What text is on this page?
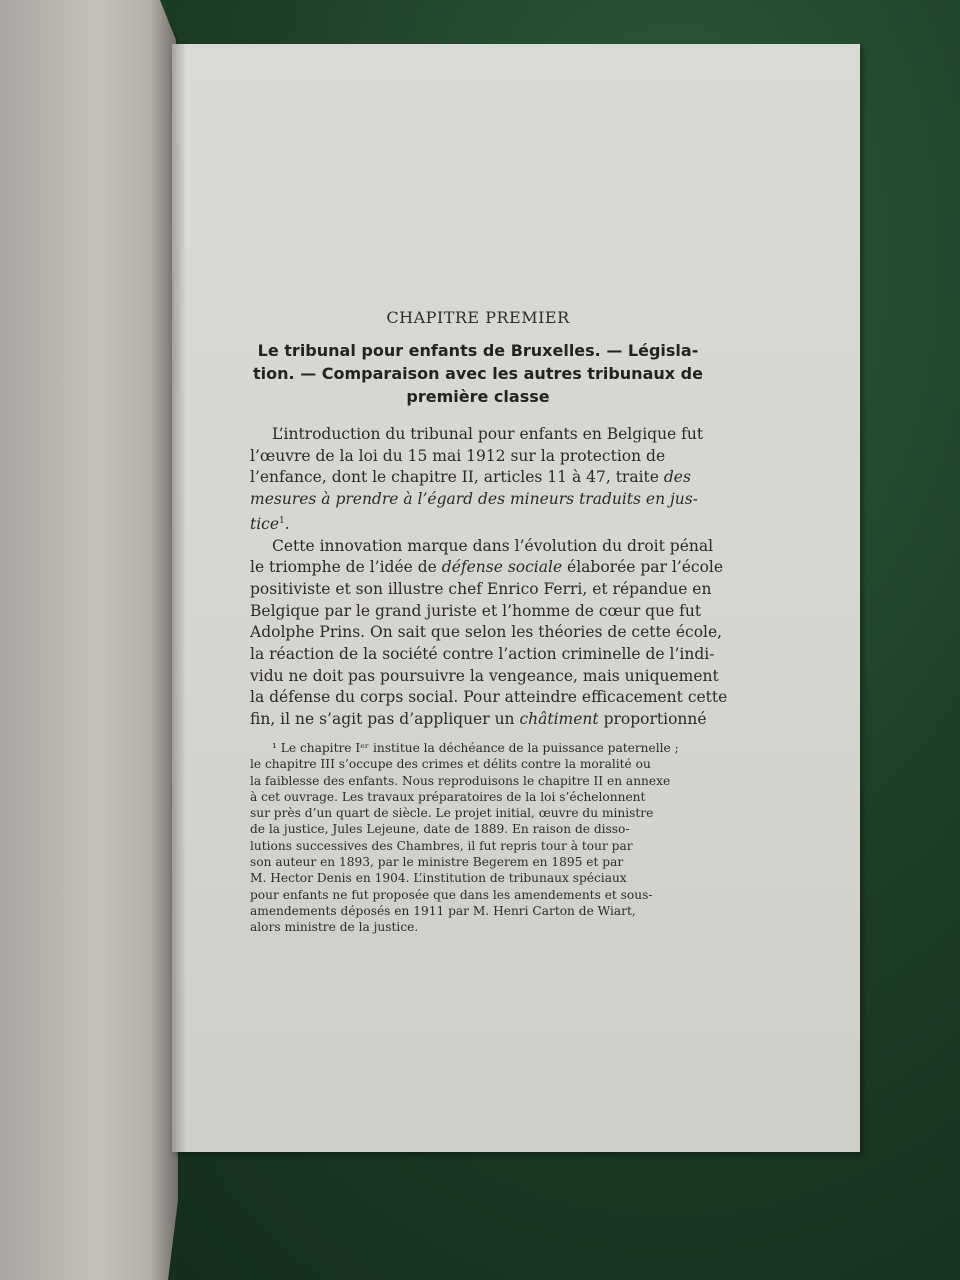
CHAPITRE PREMIER
Le tribunal pour enfants de Bruxelles. — Législa-
tion. — Comparaison avec les autres tribunaux de
première classe
L’introduction du tribunal pour enfants en Belgique fut
l’œuvre de la loi du 15 mai 1912 sur la protection de
l’enfance, dont le chapitre II, articles 11 à 47, traite des
mesures à prendre à l’égard des mineurs traduits en jus-
tice$^1$.
Cette innovation marque dans l’évolution du droit pénal
le triomphe de l’idée de défense sociale élaborée par l’école
positiviste et son illustre chef Enrico Ferri, et répandue en
Belgique par le grand juriste et l’homme de cœur que fut
Adolphe Prins. On sait que selon les théories de cette école,
la réaction de la société contre l’action criminelle de l’indi-
vidu ne doit pas poursuivre la vengeance, mais uniquement
la défense du corps social. Pour atteindre efficacement cette
fin, il ne s’agit pas d’appliquer un châtiment proportionné
¹ Le chapitre Iᵉʳ institue la déchéance de la puissance paternelle ;
le chapitre III s’occupe des crimes et délits contre la moralité ou
la faiblesse des enfants. Nous reproduisons le chapitre II en annexe
à cet ouvrage. Les travaux préparatoires de la loi s’échelonnent
sur près d’un quart de siècle. Le projet initial, œuvre du ministre
de la justice, Jules Lejeune, date de 1889. En raison de disso-
lutions successives des Chambres, il fut repris tour à tour par
son auteur en 1893, par le ministre Begerem en 1895 et par
M. Hector Denis en 1904. L’institution de tribunaux spéciaux
pour enfants ne fut proposée que dans les amendements et sous-
amendements déposés en 1911 par M. Henri Carton de Wiart,
alors ministre de la justice.
